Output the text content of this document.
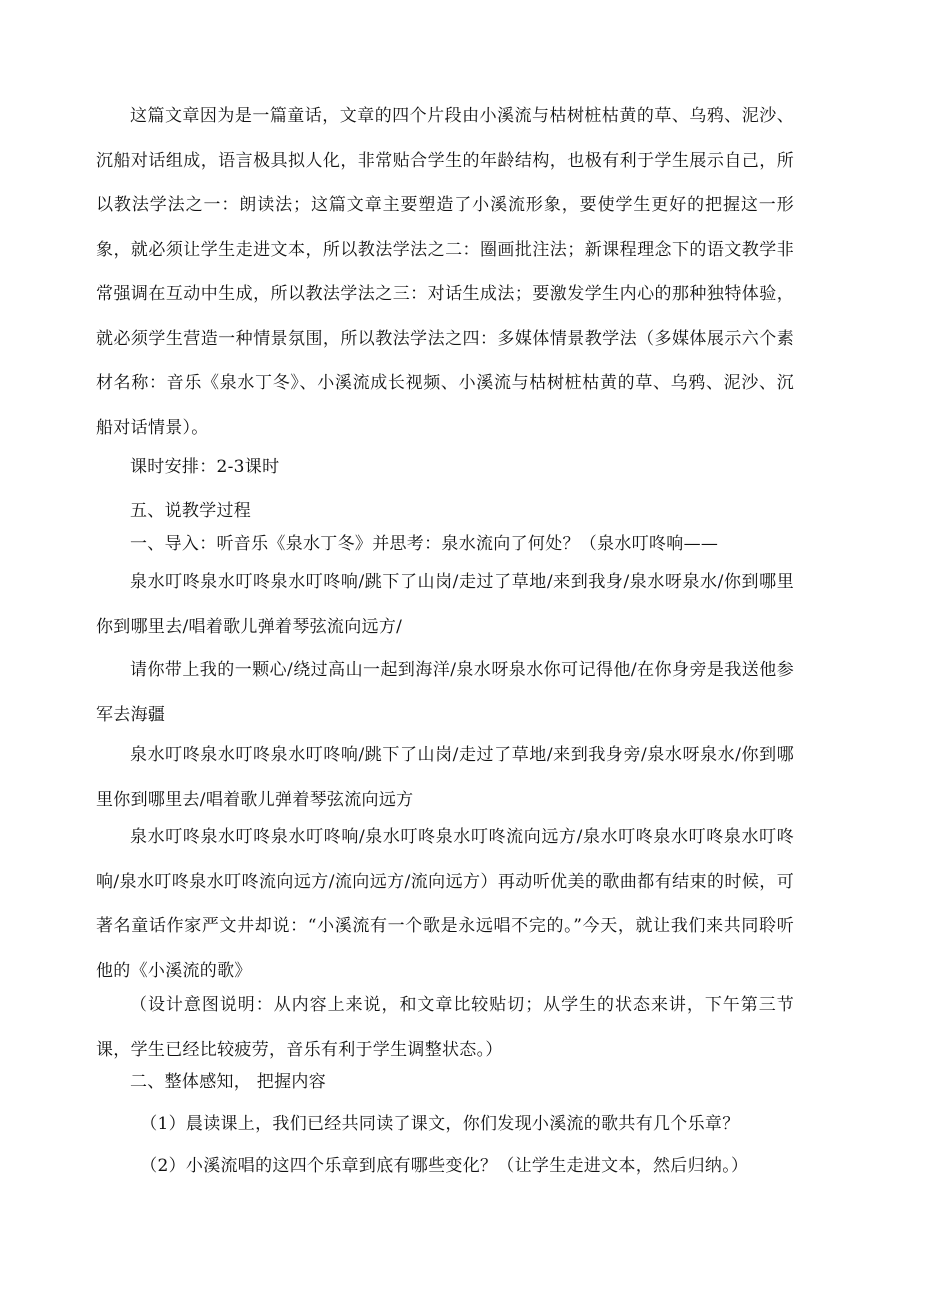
这篇文章因为是一篇童话，文章的四个片段由小溪流与枯树桩枯黄的草、乌鸦、泥沙、沉船对话组成，语言极具拟人化，非常贴合学生的年龄结构，也极有利于学生展示自己，所以教法学法之一：朗读法；这篇文章主要塑造了小溪流形象，要使学生更好的把握这一形象，就必须让学生走进文本，所以教法学法之二：圈画批注法；新课程理念下的语文教学非常强调在互动中生成，所以教法学法之三：对话生成法；要激发学生内心的那种独特体验，就必须学生营造一种情景氛围，所以教法学法之四：多媒体情景教学法（多媒体展示六个素材名称：音乐《泉水丁冬》、小溪流成长视频、小溪流与枯树桩枯黄的草、乌鸦、泥沙、沉船对话情景）。

课时安排：2-3课时

五、说教学过程

一、导入：听音乐《泉水丁冬》并思考：泉水流向了何处？（泉水叮咚响——

泉水叮咚泉水叮咚泉水叮咚响/跳下了山岗/走过了草地/来到我身/泉水呀泉水/你到哪里你到哪里去/唱着歌儿弹着琴弦流向远方/

请你带上我的一颗心/绕过高山一起到海洋/泉水呀泉水你可记得他/在你身旁是我送他参军去海疆

泉水叮咚泉水叮咚泉水叮咚响/跳下了山岗/走过了草地/来到我身旁/泉水呀泉水/你到哪里你到哪里去/唱着歌儿弹着琴弦流向远方

泉水叮咚泉水叮咚泉水叮咚响/泉水叮咚泉水叮咚流向远方/泉水叮咚泉水叮咚泉水叮咚响/泉水叮咚泉水叮咚流向远方/流向远方/流向远方）再动听优美的歌曲都有结束的时候，可著名童话作家严文井却说：“小溪流有一个歌是永远唱不完的。”今天，就让我们来共同聆听他的《小溪流的歌》

（设计意图说明：从内容上来说，和文章比较贴切；从学生的状态来讲，下午第三节课，学生已经比较疲劳，音乐有利于学生调整状态。）

二、整体感知， 把握内容

（1）晨读课上，我们已经共同读了课文，你们发现小溪流的歌共有几个乐章？

（2）小溪流唱的这四个乐章到底有哪些变化？（让学生走进文本，然后归纳。）
